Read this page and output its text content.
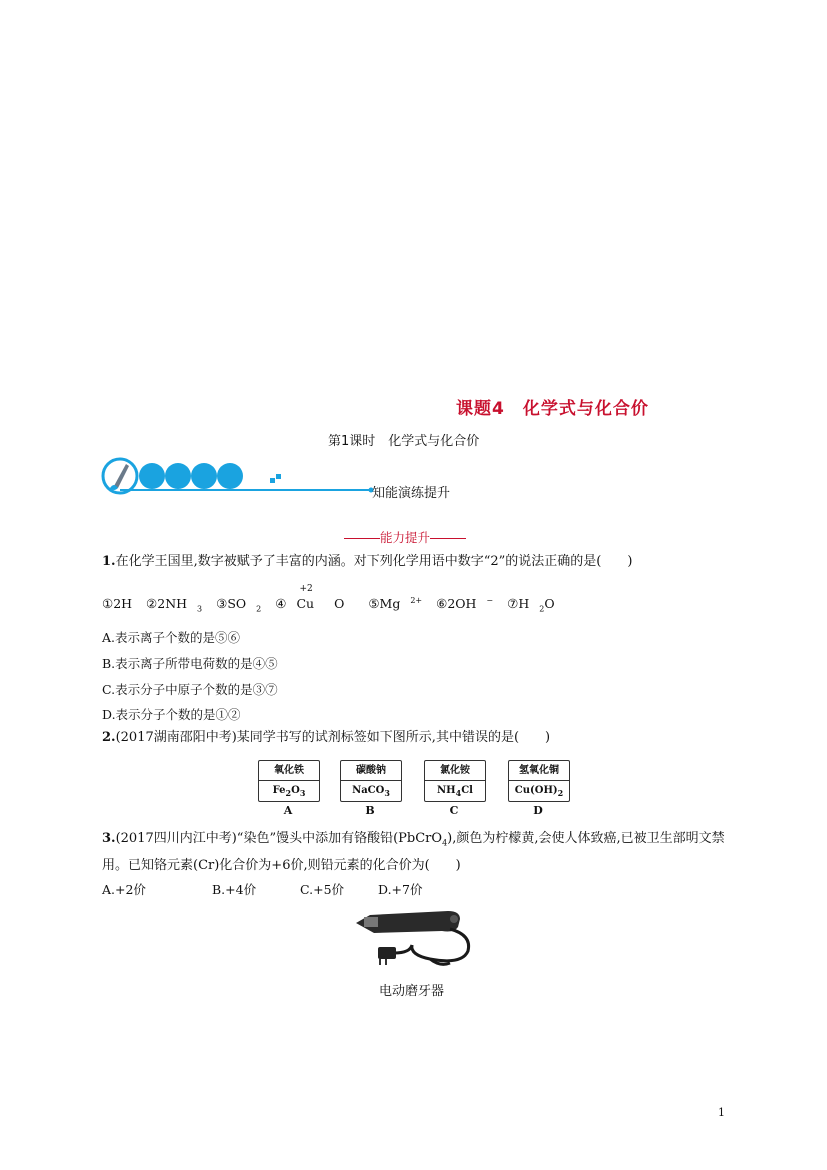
课题4　化学式与化合价
第1课时　化学式与化合价
知能演练提升
能力提升
1.在化学王国里,数字被赋予了丰富的内涵。对下列化学用语中数字“2”的说法正确的是(　　)
①2H ②2NH $_3$ ③SO $_2$ ④
+2
Cu O ⑤Mg $^{2+}$ ⑥2OH − ⑦H $_2$O
A.表示离子个数的是⑤⑥
B.表示离子所带电荷数的是④⑤
C.表示分子中原子个数的是③⑦
D.表示分子个数的是①②
2.(2017湖南邵阳中考)某同学书写的试剂标签如下图所示,其中错误的是(　　)
氧化铁
$Fe_2O_3$
A
碳酸钠
NaCO$_3$
B
氯化铵
$NH_4Cl$
C
氢氧化铜
$Cu(OH)_2$
D
3.(2017四川内江中考)“染色”馒头中添加有铬酸铅(PbCrO$_4$),颜色为柠檬黄,会使人体致癌,已被卫生部明文禁用。已知铬元素(Cr)化合价为+6价,则铅元素的化合价为(　　)
A.+2价	B.+4价	C.+5价	D.+7价
电动磨牙器
1
